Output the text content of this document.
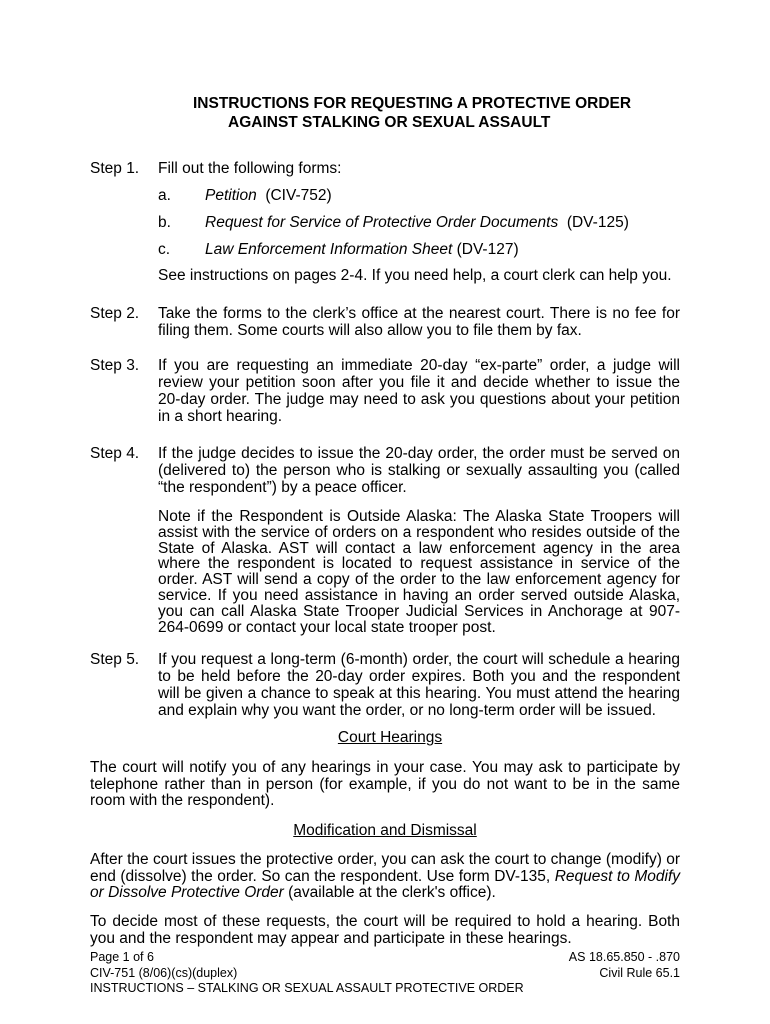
INSTRUCTIONS FOR REQUESTING A PROTECTIVE ORDER
AGAINST STALKING OR SEXUAL ASSAULT
Step 1.	Fill out the following forms:
a. Petition (CIV-752)
b. Request for Service of Protective Order Documents (DV-125)
c. Law Enforcement Information Sheet (DV-127)
See instructions on pages 2-4. If you need help, a court clerk can help you.
Step 2.	Take the forms to the clerk’s office at the nearest court. There is no fee for filing them. Some courts will also allow you to file them by fax.
Step 3.	If you are requesting an immediate 20-day “ex-parte” order, a judge will review your petition soon after you file it and decide whether to issue the 20-day order. The judge may need to ask you questions about your petition in a short hearing.
Step 4.	If the judge decides to issue the 20-day order, the order must be served on (delivered to) the person who is stalking or sexually assaulting you (called “the respondent”) by a peace officer.
Note if the Respondent is Outside Alaska: The Alaska State Troopers will assist with the service of orders on a respondent who resides outside of the State of Alaska. AST will contact a law enforcement agency in the area where the respondent is located to request assistance in service of the order. AST will send a copy of the order to the law enforcement agency for service. If you need assistance in having an order served outside Alaska, you can call Alaska State Trooper Judicial Services in Anchorage at 907-264-0699 or contact your local state trooper post.
Step 5.	If you request a long-term (6-month) order, the court will schedule a hearing to be held before the 20-day order expires. Both you and the respondent will be given a chance to speak at this hearing. You must attend the hearing and explain why you want the order, or no long-term order will be issued.
Court Hearings
The court will notify you of any hearings in your case. You may ask to participate by telephone rather than in person (for example, if you do not want to be in the same room with the respondent).
Modification and Dismissal
After the court issues the protective order, you can ask the court to change (modify) or end (dissolve) the order. So can the respondent. Use form DV-135, Request to Modify or Dissolve Protective Order (available at the clerk's office).
To decide most of these requests, the court will be required to hold a hearing. Both you and the respondent may appear and participate in these hearings.
Page 1 of 6	AS 18.65.850 - .870
CIV-751 (8/06)(cs)(duplex)	Civil Rule 65.1
INSTRUCTIONS – STALKING OR SEXUAL ASSAULT PROTECTIVE ORDER
